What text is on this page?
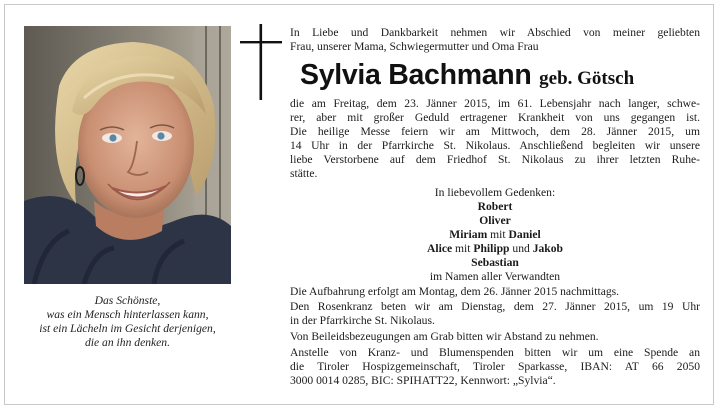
Das Schönste,
was ein Mensch hinterlassen kann,
ist ein Lächeln im Gesicht derjenigen,
die an ihn denken.
In Liebe und Dankbarkeit nehmen wir Abschied von meiner geliebten
Frau, unserer Mama, Schwiegermutter und Oma Frau
Sylvia Bachmann geb. Götsch
die am Freitag, dem 23. Jänner 2015, im 61. Lebensjahr nach langer, schwe-
rer, aber mit großer Geduld ertragener Krankheit von uns gegangen ist.
Die heilige Messe feiern wir am Mittwoch, dem 28. Jänner 2015, um
14 Uhr in der Pfarrkirche St. Nikolaus. Anschließend begleiten wir unsere
liebe Verstorbene auf dem Friedhof St. Nikolaus zu ihrer letzten Ruhe-
stätte.
In liebevollem Gedenken:
Robert
Oliver
Miriam mit Daniel
Alice mit Philipp und Jakob
Sebastian
im Namen aller Verwandten
Die Aufbahrung erfolgt am Montag, dem 26. Jänner 2015 nachmittags.
Den Rosenkranz beten wir am Dienstag, dem 27. Jänner 2015, um 19 Uhr
in der Pfarrkirche St. Nikolaus.
Von Beileidsbezeugungen am Grab bitten wir Abstand zu nehmen.
Anstelle von Kranz- und Blumenspenden bitten wir um eine Spende an
die Tiroler Hospizgemeinschaft, Tiroler Sparkasse, IBAN: AT 66 2050
3000 0014 0285, BIC: SPIHATT22, Kennwort: „Sylvia“.
